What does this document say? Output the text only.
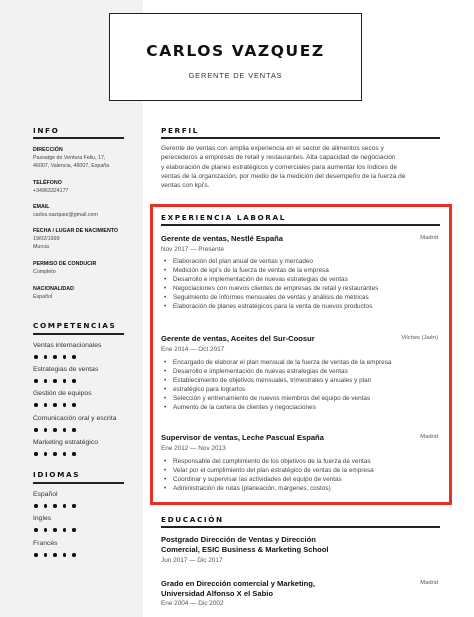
CARLOS VAZQUEZ
GERENTE DE VENTAS
INFO
DIRECCIÓN
Passatge de Ventura Feliu, 17,
46007, Valencia, 46007, España
TELÉFONO
+34963324177
EMAIL
carlos.vazquez@gmail.com
FECHA / LUGAR DE NACIMIENTO
19/02/1999
Murcia
PERMISO DE CONDUCIR
Completo
NACIONALIDAD
Español
COMPETENCIAS
Ventas internacionales
Estrategias de ventas
Gestión de equipos
Comunicación oral y escrita
Marketing estratégico
IDIOMAS
Español
Ingles
Francés
PERFIL
Gerente de ventas con amplia experiencia en el sector de alimentos secos y
perecederos a empresas de retail y restaurantes. Alta capacidad de negociación
y elaboración de planes estratégicos y comerciales para aumentar los índices de
ventas de la organización, por medio de la medición del desempeño de la fuerza de
ventas con kpi's.
EXPERIENCIA LABORAL
Gerente de ventas, Nestlé España	Madrid
Nov 2017 — Presente
• Elaboración del plan anual de ventas y mercadeo
• Medición de kpi's de la fuerza de ventas de la empresa
• Desarrollo e implementación de nuevas estrategias de ventas
• Negociaciones con nuevos clientes de empresas de retail y restaurantes
• Seguimiento de informes mensuales de ventas y análisis de métricas
• Elaboración de planes estratégicos para la venta de nuevos productos
Gerente de ventas, Aceites del Sur-Coosur	Vilches (Jaén)
Ene 2014 — Oct 2017
• Encargado de elaborar el plan mensual de la fuerza de ventas de la empresa
• Desarrollo e implementación de nuevas estrategias de ventas
• Establecimiento de objetivos mensuales, trimestrales y anuales y plan
• estratégico para lograrlos
• Selección y entrenamiento de nuevos miembros del equipo de ventas
• Aumento de la cartera de clientes y negociaciones
Supervisor de ventas, Leche Pascual España	Madrid
Ene 2012 — Nov 2013
• Responsable del cumplimiento de los objetivos de la fuerza de ventas
• Velar por el cumplimiento del plan estratégico de ventas de la empresa
• Coordinar y supervisar las actividades del equipo de ventas
• Administración de rutas (planeación, márgenes, costos)
EDUCACIÓN
Postgrado Dirección de Ventas y Dirección
Comercial, ESIC Business & Marketing School
Jun 2017 — Dic 2017
Grado en Dirección comercial y Marketing,	Madrid
Universidad Alfonso X el Sabio
Ene 2004 — Dic 2002
